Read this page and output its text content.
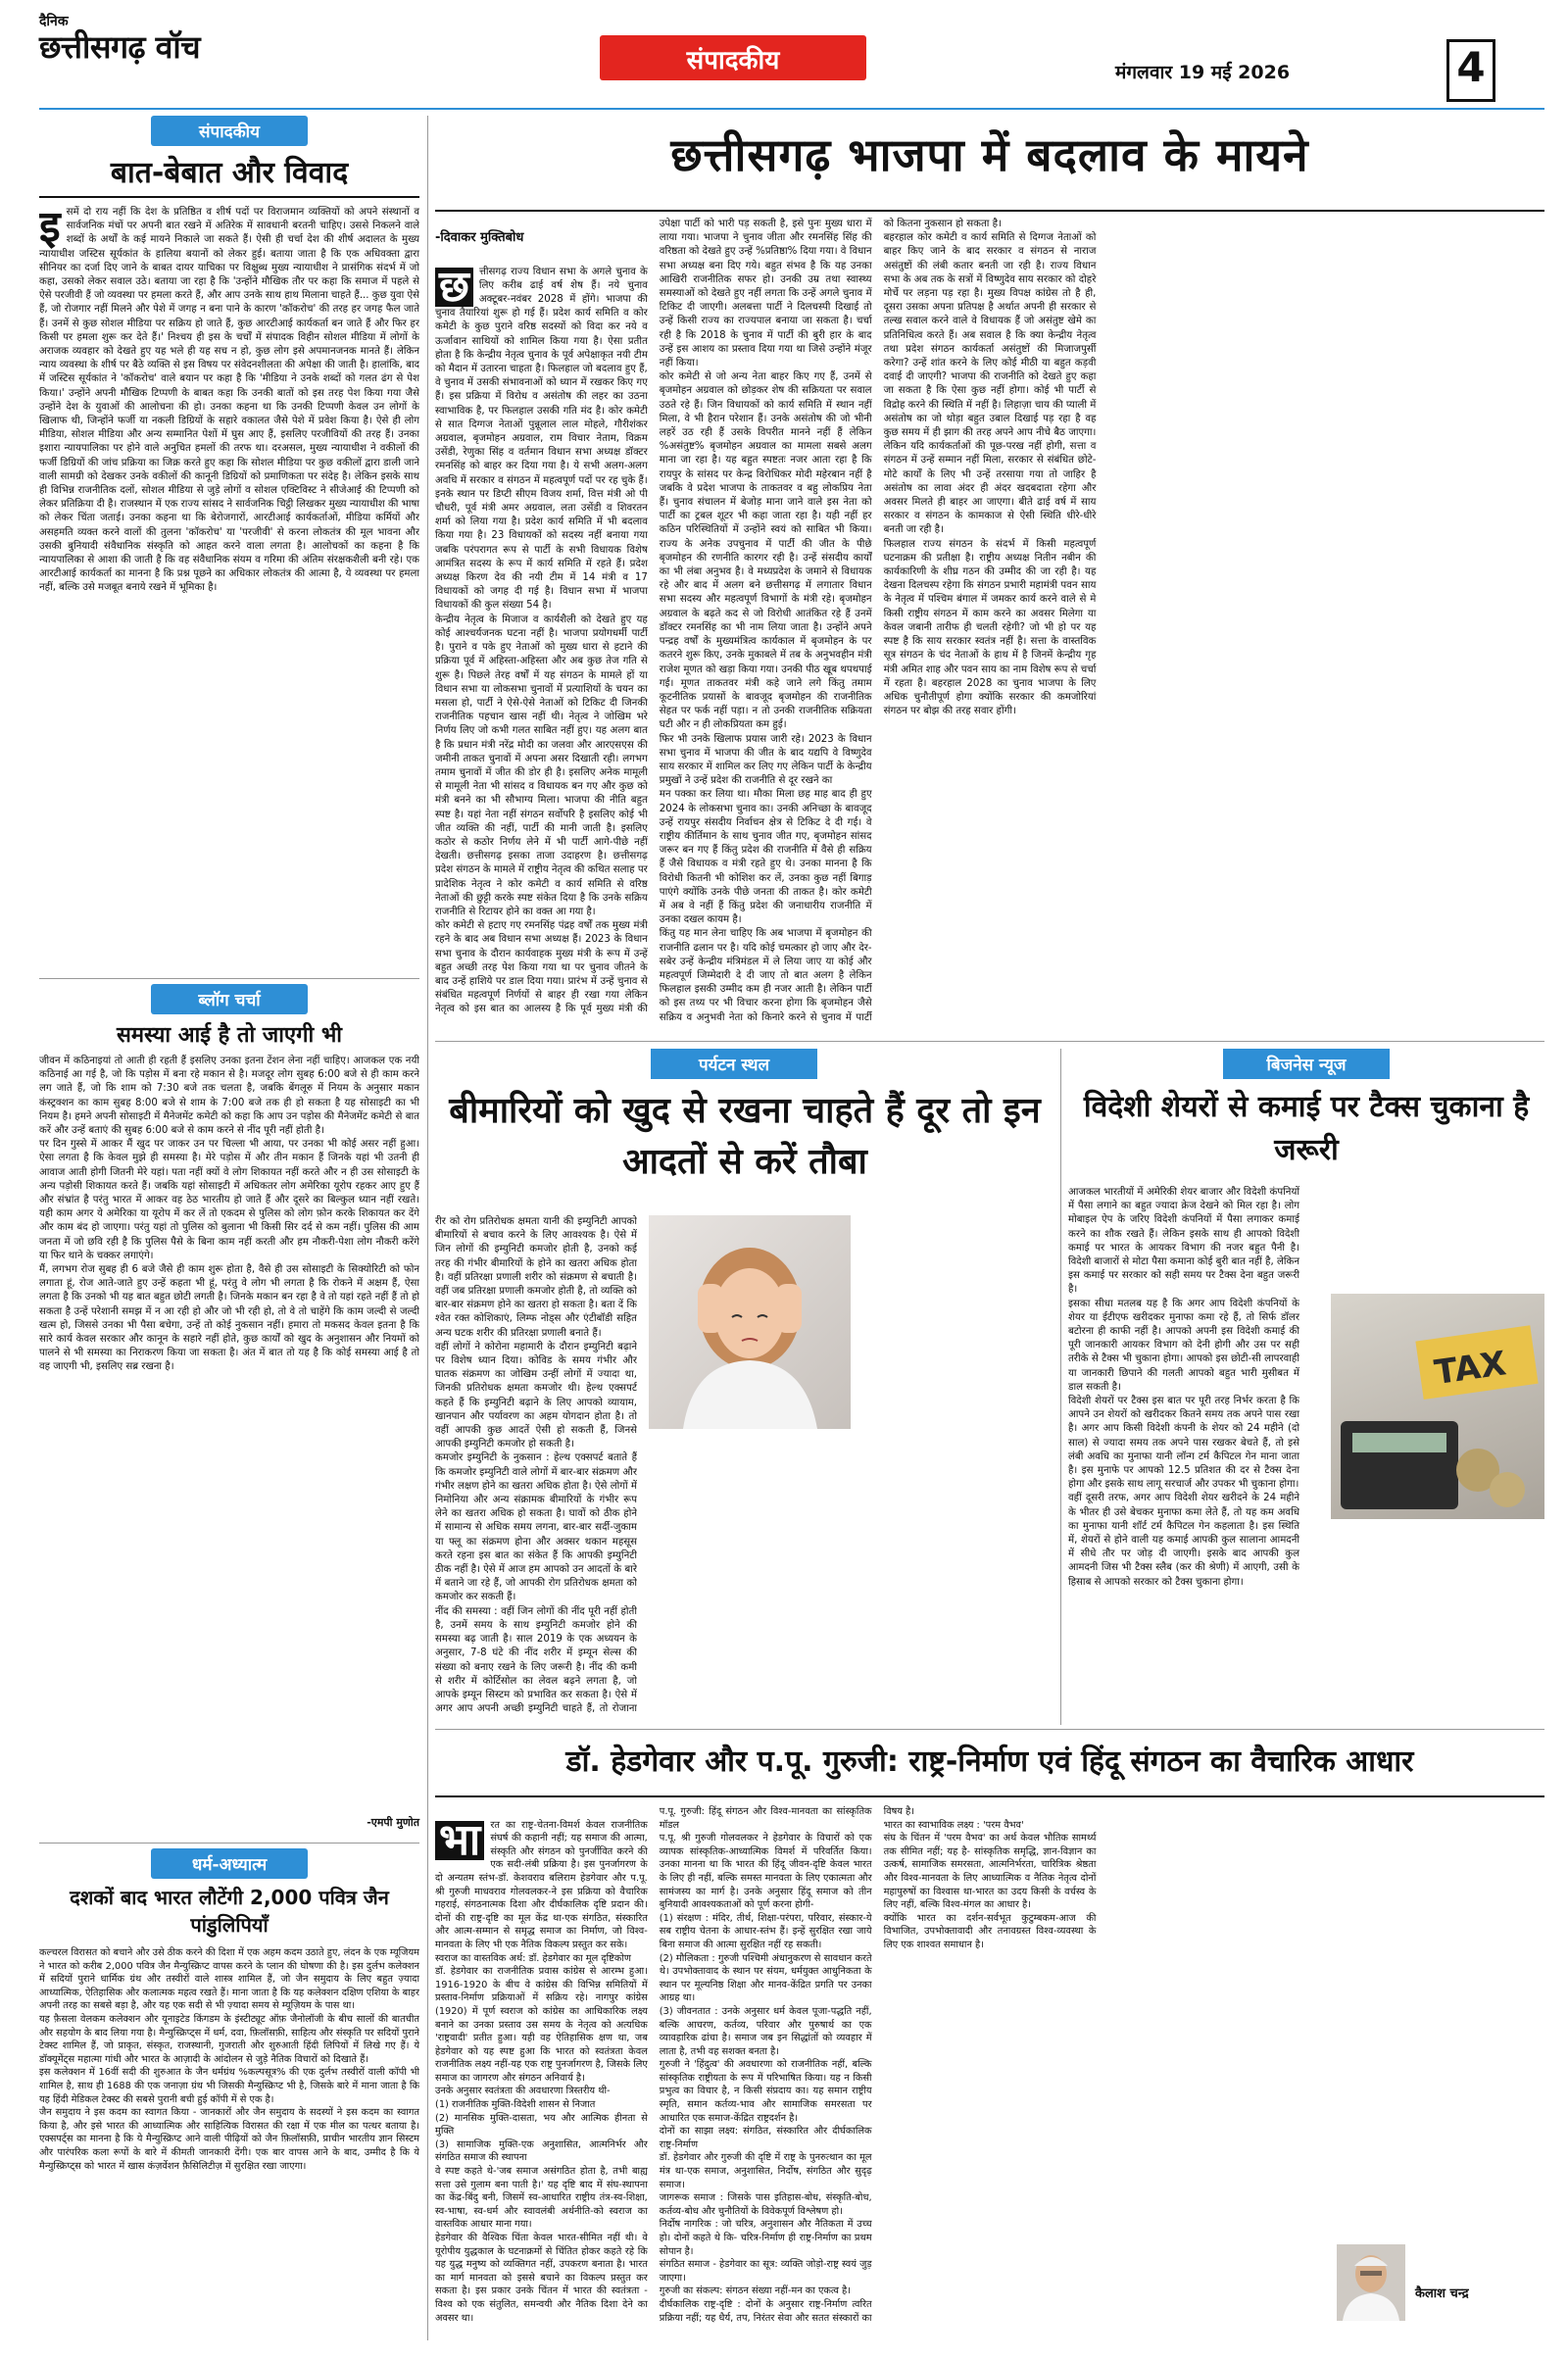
दैनिक
छत्तीसगढ़ वॉच	संपादकीय	मंगलवार 19 मई 2026	4
संपादकीय
बात-बेबात और विवाद
इ समें दो राय नहीं कि देश के प्रतिष्ठित व शीर्ष पदों पर विराजमान व्यक्तियों को अपने संस्थानों व सार्वजनिक मंचों पर अपनी बात रखने में अतिरेक में सावधानी बरतनी चाहिए। उससे निकलने वाले शब्दों के अर्थों के कई मायने निकाले जा सकते हैं। ऐसी ही चर्चा देश की शीर्ष अदालत के मुख्य न्यायाधीश जस्टिस सूर्यकांत के हालिया बयानों को लेकर हुई। बताया जाता है कि एक अधिवक्ता द्वारा सीनियर का दर्जा दिए जाने के बाबत दायर याचिका पर विक्षुब्ध मुख्य न्यायाधीश ने प्रासंगिक संदर्भ में जो कहा, उसको लेकर सवाल उठे। बताया जा रहा है कि 'उन्होंने मौखिक तौर पर कहा कि समाज में पहले से ऐसे परजीवी हैं जो व्यवस्था पर हमला करते हैं, और आप उनके साथ हाथ मिलाना चाहते हैं... कुछ युवा ऐसे हैं, जो रोजगार नहीं मिलने और पेशे में जगह न बना पाने के कारण 'कॉकरोच' की तरह हर जगह फैल जाते हैं। उनमें से कुछ सोशल मीडिया पर सक्रिय हो जाते हैं, कुछ आरटीआई कार्यकर्ता बन जाते हैं और फिर हर किसी पर हमला शुरू कर देते हैं।' निश्चय ही इस के चर्चों में संपादक विहीन सोशल मीडिया में लोगों के अराजक व्यवहार को देखते हुए यह भले ही यह सच न हो, कुछ लोग इसे अपमानजनक मानते हैं। लेकिन न्याय व्यवस्था के शीर्ष पर बैठे व्यक्ति से इस विषय पर संवेदनशीलता की अपेक्षा की जाती है। हालांकि, बाद में जस्टिस सूर्यकांत ने 'कॉकरोच' वाले बयान पर कहा है कि 'मीडिया ने उनके शब्दों को गलत ढंग से पेश किया।' उन्होंने अपनी मौखिक टिप्पणी के बाबत कहा कि उनकी बातों को इस तरह पेश किया गया जैसे उन्होंने देश के युवाओं की आलोचना की हो। उनका कहना था कि उनकी टिप्पणी केवल उन लोगों के खिलाफ थी, जिन्होंने फर्जी या नकली डिग्रियों के सहारे वकालत जैसे पेशे में प्रवेश किया है। ऐसे ही लोग मीडिया, सोशल मीडिया और अन्य सम्मानित पेशों में घुस आए हैं, इसलिए परजीवियों की तरह हैं। उनका इशारा न्यायपालिका पर होने वाले अनुचित हमलों की तरफ था। दरअसल, मुख्य न्यायाधीश ने वकीलों की फर्जी डिग्रियों की जांच प्रक्रिया का जिक्र करते हुए कहा कि सोशल मीडिया पर कुछ वकीलों द्वारा डाली जाने वाली सामग्री को देखकर उनके वकीलों की कानूनी डिग्रियों को प्रमाणिकता पर संदेह है। लेकिन इसके साथ ही विभिन्न राजनीतिक दलों, सोशल मीडिया से जुड़े लोगों व सोशल एक्टिविस्ट ने सीजेआई की टिप्पणी को लेकर प्रतिक्रिया दी है। राजस्थान में एक राज्य सांसद ने सार्वजनिक चिट्ठी लिखकर मुख्य न्यायाधीश की भाषा को लेकर चिंता जताई। उनका कहना था कि बेरोजगारों, आरटीआई कार्यकर्ताओं, मीडिया कर्मियों और असहमति व्यक्त करने वालों की तुलना 'कॉकरोच' या 'परजीवी' से करना लोकतंत्र की मूल भावना और उसकी बुनियादी संवैधानिक संस्कृति को आहत करने वाला लगता है। आलोचकों का कहना है कि न्यायपालिका से आशा की जाती है कि वह संवैधानिक संयम व गरिमा की अंतिम संरक्षकशैली बनी रहे। एक आरटीआई कार्यकर्ता का मानना है कि प्रश्न पूछने का अधिकार लोकतंत्र की आत्मा है, ये व्यवस्था पर हमला नहीं, बल्कि उसे मजबूत बनाये रखने में भूमिका है।
ब्लॉग चर्चा
समस्या आई है तो जाएगी भी
जीवन में कठिनाइयां तो आती ही रहती हैं इसलिए उनका इतना टेंशन लेना नहीं चाहिए। आजकल एक नयी कठिनाई आ गई है, जो कि पड़ोस में बना रहे मकान से है। मजदूर लोग सुबह 6:00 बजे से ही काम करने लग जाते हैं, जो कि शाम को 7:30 बजे तक चलता है, जबकि बेंगलूरु में नियम के अनुसार मकान कंस्ट्रक्शन का काम सुबह 8:00 बजे से शाम के 7:00 बजे तक ही हो सकता है यह सोसाइटी का भी नियम है। हमने अपनी सोसाइटी में मैनेजमेंट कमेटी को कहा कि आप उन पड़ोस की मैनेजमेंट कमेटी से बात करें और उन्हें बताएं की सुबह 6:00 बजे से काम करने से नींद पूरी नहीं होती है।
पर दिन गुस्से में आकर मैं खुद पर जाकर उन पर चिल्ला भी आया, पर उनका भी कोई असर नहीं हुआ। ऐसा लगता है कि केवल मुझे ही समस्या है। मेरे पड़ोस में और तीन मकान हैं जिनके यहां भी उतनी ही आवाज आती होगी जितनी मेरे यहां। पता नहीं क्यों वे लोग शिकायत नहीं करते और न ही उस सोसाइटी के अन्य पड़ोसी शिकायत करते हैं। जबकि यहां सोसाइटी में अधिकतर लोग अमेरिका यूरोप रहकर आए हुए हैं और संभ्रांत है परंतु भारत में आकर वह ठेठ भारतीय हो जाते हैं और दूसरे का बिल्कुल ध्यान नहीं रखते। यही काम अगर ये अमेरिका या यूरोप में कर लें तो एकदम से पुलिस को लोग फ़ोन करके शिकायत कर देंगे और काम बंद हो जाएगा। परंतु यहां तो पुलिस को बुलाना भी किसी सिर दर्द से कम नहीं। पुलिस की आम जनता में जो छवि रही है कि पुलिस पैसे के बिना काम नहीं करती और हम नौकरी-पेशा लोग नौकरी करेंगे या फिर थाने के चक्कर लगाएंगे।
मैं, लगभग रोज सुबह ही 6 बजे जैसे ही काम शुरू होता है, वैसे ही उस सोसाइटी के सिक्योरिटी को फोन लगाता हूं, रोज आते-जाते हुए उन्हें कहता भी हूं, परंतु वे लोग भी लगता है कि रोकने में अक्षम हैं, ऐसा लगता है कि उनको भी यह बात बहुत छोटी लगती है। जिनके मकान बन रहा है वे तो यहां रहते नहीं हैं तो हो सकता है उन्हें परेशानी समझ में न आ रही हो और जो भी रही हो, तो वे तो चाहेंगे कि काम जल्दी से जल्दी खत्म हो, जिससे उनका भी पैसा बचेगा, उन्हें तो कोई नुकसान नहीं। हमारा तो मकसद केवल इतना है कि सारे कार्य केवल सरकार और कानून के सहारे नहीं होते, कुछ कार्यों को खुद के अनुशासन और नियमों को पालने से भी समस्या का निराकरण किया जा सकता है। अंत में बात तो यह है कि कोई समस्या आई है तो वह जाएगी भी, इसलिए सब्र रखना है।
-एमपी मुणोत
धर्म-अध्यात्म
दशकों बाद भारत लौटेंगी 2,000 पवित्र जैन पांडुलिपियाँ
कल्चरल विरासत को बचाने और उसे ठीक करने की दिशा में एक अहम कदम उठाते हुए, लंदन के एक म्यूजियम ने भारत को करीब 2,000 पवित्र जैन मैन्युस्क्रिप्ट वापस करने के प्लान की घोषणा की है। इस दुर्लभ कलेक्शन में सदियों पुराने धार्मिक ग्रंथ और तस्वीरों वाले शास्त्र शामिल हैं, जो जैन समुदाय के लिए बहुत ज़्यादा आध्यात्मिक, ऐतिहासिक और कलात्मक महत्व रखते हैं। माना जाता है कि यह कलेक्शन दक्षिण एशिया के बाहर अपनी तरह का सबसे बड़ा है, और यह एक सदी से भी ज़्यादा समय से म्यूज़ियम के पास था।
यह फ़ैसला वेलकम कलेक्शन और यूनाइटेड किंगडम के इंस्टीट्यूट ऑफ़ जैनोलॉजी के बीच सालों की बातचीत और सहयोग के बाद लिया गया है। मैन्युस्क्रिप्ट्स में धर्म, दवा, फ़िलॉसफ़ी, साहित्य और संस्कृति पर सदियों पुराने टेक्स्ट शामिल हैं, जो प्राकृत, संस्कृत, राजस्थानी, गुजराती और शुरुआती हिंदी लिपियों में लिखे गए हैं। ये डॉक्यूमेंट्स महात्मा गांधी और भारत के आज़ादी के आंदोलन से जुड़े नैतिक विचारों को दिखाते हैं।
इस कलेक्शन में 16वीं सदी की शुरुआत के जैन धर्मग्रंथ %कल्पसूत्र% की एक दुर्लभ तस्वीरों वाली कॉपी भी शामिल है, साथ ही 1688 की एक जनाज़ा ग्रंथ भी जिसकी मैन्युस्क्रिप्ट भी है, जिसके बारे में माना जाता है कि यह हिंदी मेडिकल टेक्स्ट की सबसे पुरानी बची हुई कॉपी में से एक है।
जैन समुदाय ने इस कदम का स्वागत किया - जानकारों और जैन समुदाय के सदस्यों ने इस कदम का स्वागत किया है, और इसे भारत की आध्यात्मिक और साहित्यिक विरासत की रक्षा में एक मील का पत्थर बताया है। एक्सपर्ट्स का मानना है कि ये मैन्युस्क्रिप्ट आने वाली पीढ़ियों को जैन फ़िलॉसफ़ी, प्राचीन भारतीय ज्ञान सिस्टम और पारंपरिक कला रूपों के बारे में कीमती जानकारी देंगी। एक बार वापस आने के बाद, उम्मीद है कि ये मैन्युस्क्रिप्ट्स को भारत में खास कंज़र्वेशन फ़ैसिलिटीज़ में सुरक्षित रखा जाएगा।
छत्तीसगढ़ भाजपा में बदलाव के मायने

-दिवाकर मुक्तिबोध

छ त्तीसगढ़ राज्य विधान सभा के अगले चुनाव के लिए करीब ढाई वर्ष शेष हैं। नये चुनाव अक्टूबर-नवंबर 2028 में होंगे। भाजपा की चुनाव तैयारियां शुरू हो गई हैं। प्रदेश कार्य समिति व कोर कमेटी के कुछ पुराने वरिष्ठ सदस्यों को विदा कर नये व ऊर्जावान साथियों को शामिल किया गया है। ऐसा प्रतीत होता है कि केन्द्रीय नेतृत्व चुनाव के पूर्व अपेक्षाकृत नयी टीम को मैदान में उतारना चाहता है। फिलहाल जो बदलाव हुए हैं, वे चुनाव में उसकी संभावनाओं को ध्यान में रखकर किए गए हैं। इस प्रक्रिया में विरोध व असंतोष की लहर का उठना स्वाभाविक है, पर फिलहाल उसकी गति मंद है। कोर कमेटी से सात दिग्गज नेताओं पुन्नूलाल लाल मोहले, गौरीशंकर अग्रवाल, बृजमोहन अग्रवाल, राम विचार नेताम, विक्रम उसेंडी, रेणुका सिंह व वर्तमान विधान सभा अध्यक्ष डॉक्टर रमनसिंह को बाहर कर दिया गया है। ये सभी अलग-अलग अवधि में सरकार व संगठन में महत्वपूर्ण पदों पर रह चुके हैं। इनके स्थान पर डिप्टी सीएम विजय शर्मा, वित्त मंत्री ओ पी चौधरी, पूर्व मंत्री अमर अग्रवाल, लता उसेंडी व शिवरतन शर्मा को लिया गया है। प्रदेश कार्य समिति में भी बदलाव किया गया है। 23 विधायकों को सदस्य नहीं बनाया गया जबकि परंपरागत रूप से पार्टी के सभी विधायक विशेष आमंत्रित सदस्य के रूप में कार्य समिति में रहते हैं। प्रदेश अध्यक्ष किरण देव की नयी टीम में 14 मंत्री व 17 विधायकों को जगह दी गई है। विधान सभा में भाजपा विधायकों की कुल संख्या 54 है।
केन्द्रीय नेतृत्व के मिजाज व कार्यशैली को देखते हुए यह कोई आश्चर्यजनक घटना नहीं है। भाजपा प्रयोगधर्मी पार्टी है। पुराने व पके हुए नेताओं को मुख्य धारा से हटाने की प्रक्रिया पूर्व में अहिस्ता-अहिस्ता और अब कुछ तेज गति से शुरू है। पिछले तेरह वर्षों में यह संगठन के मामले हों या विधान सभा या लोकसभा चुनावों में प्रत्याशियों के चयन का मसला हो, पार्टी ने ऐसे-ऐसे नेताओं को टिकिट दी जिनकी राजनीतिक पहचान खास नहीं थी। नेतृत्व ने जोखिम भरे निर्णय लिए जो कभी गलत साबित नहीं हुए। यह अलग बात है कि प्रधान मंत्री नरेंद्र मोदी का जलवा और आरएसएस की जमीनी ताकत चुनावों में अपना असर दिखाती रही। लगभग तमाम चुनावों में जीत की डोर ही है। इसलिए अनेक मामूली से मामूली नेता भी सांसद व विधायक बन गए और कुछ को मंत्री बनने का भी सौभाग्य मिला। भाजपा की नीति बहुत स्पष्ट है। यहां नेता नहीं संगठन सर्वोपरि है इसलिए कोई भी जीत व्यक्ति की नहीं, पार्टी की मानी जाती है। इसलिए कठोर से कठोर निर्णय लेने में भी पार्टी आगे-पीछे नहीं देखती। छत्तीसगढ़ इसका ताजा उदाहरण है। छत्तीसगढ़ प्रदेश संगठन के मामले में राष्ट्रीय नेतृत्व की कथित सलाह पर प्रादेशिक नेतृत्व ने कोर कमेटी व कार्य समिति से वरिष्ठ नेताओं की छुट्टी करके स्पष्ट संकेत दिया है कि उनके सक्रिय राजनीति से रिटायर होने का वक्त आ गया है।
कोर कमेटी से हटाए गए रमनसिंह पंद्रह वर्षों तक मुख्य मंत्री रहने के बाद अब विधान सभा अध्यक्ष हैं। 2023 के विधान सभा चुनाव के दौरान कार्यवाहक मुख्य मंत्री के रूप में उन्हें बहुत अच्छी तरह पेश किया गया था पर चुनाव जीतने के बाद उन्हें हाशिये पर डाल दिया गया। प्रारंभ में उन्हें चुनाव से संबंधित महत्वपूर्ण निर्णयों से बाहर ही रखा गया लेकिन नेतृत्व को इस बात का आलस्य है कि पूर्व मुख्य मंत्री की उपेक्षा पार्टी को भारी पड़ सकती है, इसे पुनः मुख्य धारा में लाया गया। भाजपा ने चुनाव जीता और रमनसिंह सिंह की वरिष्ठता को देखते हुए उन्हें %प्रतिष्ठा% दिया गया। वे विधान सभा अध्यक्ष बना दिए गये। बहुत संभव है कि यह उनका आखिरी राजनीतिक सफर हो। उनकी उम्र तथा स्वास्थ्य समस्याओं को देखते हुए नहीं लगता कि उन्हें अगले चुनाव में टिकिट दी जाएगी। अलबत्ता पार्टी ने दिलचस्पी दिखाई तो उन्हें किसी राज्य का राज्यपाल बनाया जा सकता है। चर्चा रही है कि 2018 के चुनाव में पार्टी की बुरी हार के बाद उन्हें इस आशय का प्रस्ताव दिया गया था जिसे उन्होंने मंजूर नहीं किया।
कोर कमेटी से जो अन्य नेता बाहर किए गए हैं, उनमें से बृजमोहन अग्रवाल को छोड़कर शेष की सक्रियता पर सवाल उठते रहे हैं। जिन विधायकों को कार्य समिति में स्थान नहीं मिला, वे भी हैरान परेशान हैं। उनके असंतोष की जो भीनी लहरें उठ रही हैं उसके विपरीत मानने नहीं हैं लेकिन %असंतुष्ट% बृजमोहन अग्रवाल का मामला सबसे अलग माना जा रहा है। यह बहुत स्पष्टतः नजर आता रहा है कि रायपुर के सांसद पर केन्द्र विरोधिकर मोदी महेरबान नहीं है जबकि वे प्रदेश भाजपा के ताकतवर व बहु लोकप्रिय नेता हैं। चुनाव संचालन में बेजोड़ माना जाने वाले इस नेता को पार्टी का ट्रबल शूटर भी कहा जाता रहा है। यही नहीं हर कठिन परिस्थितियों में उन्होंने स्वयं को साबित भी किया। राज्य के अनेक उपचुनाव में पार्टी की जीत के पीछे बृजमोहन की रणनीति कारगर रही है। उन्हें संसदीय कार्यों का भी लंबा अनुभव है। वे मध्यप्रदेश के जमाने से विधायक रहे और बाद में अलग बने छत्तीसगढ़ में लगातार विधान सभा सदस्य और महत्वपूर्ण विभागों के मंत्री रहे। बृजमोहन अग्रवाल के बढ़ते कद से जो विरोधी आतंकित रहे हैं उनमें डॉक्टर रमनसिंह का भी नाम लिया जाता है। उन्होंने अपने पन्द्रह वर्षों के मुख्यमंत्रित्व कार्यकाल में बृजमोहन के पर कतरने शुरू किए, उनके मुकाबले में तब के अनुभवहीन मंत्री राजेश मूणत को खड़ा किया गया। उनकी पीठ खूब थपथपाई गई। मूणत ताकतवर मंत्री कहे जाने लगे किंतु तमाम कूटनीतिक प्रयासों के बावजूद बृजमोहन की राजनीतिक सेहत पर फर्क नहीं पड़ा। न तो उनकी राजनीतिक सक्रियता घटी और न ही लोकप्रियता कम हुई।
फिर भी उनके खिलाफ प्रयास जारी रहे। 2023 के विधान सभा चुनाव में भाजपा की जीत के बाद यद्यपि वे विष्णुदेव साय सरकार में शामिल कर लिए गए लेकिन पार्टी के केन्द्रीय प्रमुखों ने उन्हें प्रदेश की राजनीति से दूर रखने का
मन पक्का कर लिया था। मौका मिला छह माह बाद ही हुए 2024 के लोकसभा चुनाव का। उनकी अनिच्छा के बावजूद उन्हें रायपुर संसदीय निर्वाचन क्षेत्र से टिकिट दे दी गई। वे राष्ट्रीय कीर्तिमान के साथ चुनाव जीत गए, बृजमोहन सांसद जरूर बन गए हैं किंतु प्रदेश की राजनीति में वैसे ही सक्रिय हैं जैसे विधायक व मंत्री रहते हुए थे। उनका मानना है कि विरोधी कितनी भी कोशिश कर लें, उनका कुछ नहीं बिगाड़ पाएंगे क्योंकि उनके पीछे जनता की ताकत है। कोर कमेटी में अब वे नहीं हैं किंतु प्रदेश की जनाधारीय राजनीति में उनका दखल कायम है।
किंतु यह मान लेना चाहिए कि अब भाजपा में बृजमोहन की राजनीति ढलान पर है। यदि कोई चमत्कार हो जाए और देर-सबेर उन्हें केन्द्रीय मंत्रिमंडल में ले लिया जाए या कोई और महत्वपूर्ण जिम्मेदारी दे दी जाए तो बात अलग है लेकिन फिलहाल इसकी उम्मीद कम ही नजर आती है। लेकिन पार्टी को इस तथ्य पर भी विचार करना होगा कि बृजमोहन जैसे सक्रिय व अनुभवी नेता को किनारे करने से चुनाव में पार्टी को कितना नुकसान हो सकता है।
बहरहाल कोर कमेटी व कार्य समिति से दिग्गज नेताओं को बाहर किए जाने के बाद सरकार व संगठन से नाराज असंतुष्टों की लंबी कतार बनती जा रही है। राज्य विधान सभा के अब तक के सत्रों में विष्णुदेव साय सरकार को दोहरे मोर्चे पर लड़ना पड़ रहा है। मुख्य विपक्ष कांग्रेस तो है ही, दूसरा उसका अपना प्रतिपक्ष है अर्थात अपनी ही सरकार से तल्ख सवाल करने वाले वे विधायक हैं जो असंतुष्ट खेमे का प्रतिनिधित्व करते हैं। अब सवाल है कि क्या केन्द्रीय नेतृत्व तथा प्रदेश संगठन कार्यकर्ता असंतुष्टों की मिजाजपुर्सी करेगा? उन्हें शांत करने के लिए कोई मीठी या बहुत कड़वी दवाई दी जाएगी? भाजपा की राजनीति को देखते हुए कहा जा सकता है कि ऐसा कुछ नहीं होगा। कोई भी पार्टी से विद्रोह करने की स्थिति में नहीं है। लिहाज़ा चाय की प्याली में असंतोष का जो थोड़ा बहुत उबाल दिखाई पड़ रहा है वह कुछ समय में ही झाग की तरह अपने आप नीचे बैठ जाएगा। लेकिन यदि कार्यकर्ताओं की पूछ-परख नहीं होगी, सत्ता व संगठन में उन्हें सम्मान नहीं मिला, सरकार से संबंधित छोटे-मोटे कार्यों के लिए भी उन्हें तरसाया गया तो जाहिर है असंतोष का लावा अंदर ही अंदर खदबदाता रहेगा और अवसर मिलते ही बाहर आ जाएगा। बीते ढाई वर्ष में साय सरकार व संगठन के कामकाज से ऐसी स्थिति धीरे-धीरे बनती जा रही है।
फिलहाल राज्य संगठन के संदर्भ में किसी महत्वपूर्ण घटनाक्रम की प्रतीक्षा है। राष्ट्रीय अध्यक्ष नितीन नबीन की कार्यकारिणी के शीघ्र गठन की उम्मीद की जा रही है। यह देखना दिलचस्प रहेगा कि संगठन प्रभारी महामंत्री पवन साय के नेतृत्व में पश्चिम बंगाल में जमकर कार्य करने वाले से मे किसी राष्ट्रीय संगठन में काम करने का अवसर मिलेगा या केवल जबानी तारीफ ही चलती रहेगी? जो भी हो पर यह स्पष्ट है कि साय सरकार स्वतंत्र नहीं है। सत्ता के वास्तविक सूत्र संगठन के चंद नेताओं के हाथ में है जिनमें केन्द्रीय गृह मंत्री अमित शाह और पवन साय का नाम विशेष रूप से चर्चा में रहता है। बहरहाल 2028 का चुनाव भाजपा के लिए अधिक चुनौतीपूर्ण होगा क्योंकि सरकार की कमजोरियां संगठन पर बोझ की तरह सवार होंगी।

पर्यटन स्थल
बीमारियों को खुद से रखना चाहते हैं दूर तो इन आदतों से करें तौबा
रीर को रोग प्रतिरोधक क्षमता यानी की इम्युनिटी आपको बीमारियों से बचाव करने के लिए आवश्यक है। ऐसे में जिन लोगों की इम्युनिटी कमजोर होती है, उनको कई तरह की गंभीर बीमारियों के होने का खतरा अधिक होता है। वहीं प्रतिरक्षा प्रणाली शरीर को संक्रमण से बचाती है। वहीं जब प्रतिरक्षा प्रणाली कमजोर होती है, तो व्यक्ति को बार-बार संक्रमण होने का खतरा हो सकता है। बता दें कि श्वेत रक्त कोशिकाएं, लिम्फ नोड्स और एंटीबॉडी सहित अन्य घटक शरीर की प्रतिरक्षा प्रणाली बनाते हैं।
वहीं लोगों ने कोरोना महामारी के दौरान इम्युनिटी बढ़ाने पर विशेष ध्यान दिया। कोविड के समय गंभीर और घातक संक्रमण का जोखिम उन्हीं लोगों में ज्यादा था, जिनकी प्रतिरोधक क्षमता कमजोर थी। हेल्थ एक्सपर्ट कहते हैं कि इम्युनिटी बढ़ाने के लिए आपको व्यायाम, खानपान और पर्यावरण का अहम योगदान होता है। तो वहीं आपकी कुछ आदतें ऐसी हो सकती हैं, जिनसे आपकी इम्युनिटी कमजोर हो सकती है।
कमजोर इम्युनिटी के नुकसान : हेल्थ एक्सपर्ट बताते हैं कि कमजोर इम्युनिटी वाले लोगों में बार-बार संक्रमण और गंभीर लक्षण होने का खतरा अधिक होता है। ऐसे लोगों में निमोनिया और अन्य संक्रामक बीमारियों के गंभीर रूप लेने का खतरा अधिक हो सकता है। घावों को ठीक होने में सामान्य से अधिक समय लगना, बार-बार सर्दी-जुकाम या फ्लू का संक्रमण होना और अक्सर थकान महसूस करते रहना इस बात का संकेत हैं कि आपकी इम्युनिटी ठीक नहीं है। ऐसे में आज हम आपको उन आदतों के बारे में बताने जा रहे हैं, जो आपकी रोग प्रतिरोधक क्षमता को कमजोर कर सकती हैं।
नींद की समस्या : वहीं जिन लोगों की नींद पूरी नहीं होती है, उनमें समय के साथ इम्युनिटी कमजोर होने की समस्या बढ़ जाती है। साल 2019 के एक अध्ययन के अनुसार, 7-8 घंटे की नींद शरीर में इम्यून सेल्स की संख्या को बनाए रखने के लिए जरूरी है। नींद की कमी से शरीर में कोर्टिसोल का लेवल बढ़ने लगता है, जो आपके इम्यून सिस्टम को प्रभावित कर सकता है। ऐसे में अगर आप अपनी अच्छी इम्युनिटी चाहते हैं, तो रोजाना

बिजनेस न्यूज
विदेशी शेयरों से कमाई पर टैक्स चुकाना है जरूरी
TAX
आजकल भारतीयों में अमेरिकी शेयर बाजार और विदेशी कंपनियों में पैसा लगाने का बहुत ज्यादा क्रेज देखने को मिल रहा है। लोग मोबाइल ऐप के जरिए विदेशी कंपनियों में पैसा लगाकर कमाई करने का शौक रखते हैं। लेकिन इसके साथ ही आपको विदेशी कमाई पर भारत के आयकर विभाग की नजर बहुत पैनी है। विदेशी बाजारों से मोटा पैसा कमाना कोई बुरी बात नहीं है, लेकिन इस कमाई पर सरकार को सही समय पर टैक्स देना बहुत जरूरी है।
इसका सीधा मतलब यह है कि अगर आप विदेशी कंपनियों के शेयर या ईटीएफ खरीदकर मुनाफा कमा रहे हैं, तो सिर्फ डॉलर बटोरना ही काफी नहीं है। आपको अपनी इस विदेशी कमाई की पूरी जानकारी आयकर विभाग को देनी होगी और उस पर सही तरीके से टैक्स भी चुकाना होगा। आपको इस छोटी-सी लापरवाही या जानकारी छिपाने की गलती आपको बहुत भारी मुसीबत में डाल सकती है।
विदेशी शेयरों पर टैक्स इस बात पर पूरी तरह निर्भर करता है कि आपने उन शेयरों को खरीदकर कितने समय तक अपने पास रखा है। अगर आप किसी विदेशी कंपनी के शेयर को 24 महीने (दो साल) से ज्यादा समय तक अपने पास रखकर बेचते हैं, तो इसे लंबी अवधि का मुनाफा यानी लॉन्ग टर्म कैपिटल गेन माना जाता है। इस मुनाफे पर आपको 12.5 प्रतिशत की दर से टैक्स देना होगा और इसके साथ लागू सरचार्ज और उपकर भी चुकाना होगा।
वहीं दूसरी तरफ, अगर आप विदेशी शेयर खरीदने के 24 महीने के भीतर ही उसे बेचकर मुनाफा कमा लेते हैं, तो यह कम अवधि का मुनाफा यानी शॉर्ट टर्म कैपिटल गेन कहलाता है। इस स्थिति में, शेयरों से होने वाली यह कमाई आपकी कुल सालाना आमदनी में सीधे तौर पर जोड़ दी जाएगी। इसके बाद आपकी कुल आमदनी जिस भी टैक्स स्लैब (कर की श्रेणी) में आएगी, उसी के हिसाब से आपको सरकार को टैक्स चुकाना होगा।
डॉ. हेडगेवार और प.पू. गुरुजी: राष्ट्र-निर्माण एवं हिंदू संगठन का वैचारिक आधार

भा	रत का राष्ट्र-चेतना-विमर्श केवल राजनीतिक संघर्ष की कहानी नहीं; यह समाज की आत्मा, संस्कृति और संगठन को पुनर्जीवित करने की एक सदी-लंबी प्रक्रिया है। इस पुनर्जागरण के दो अन्यतम स्तंभ-डॉ. केशवराव बलिराम हेडगेवार और प.पू. श्री गुरुजी माधवराव गोलवलकर-ने इस प्रक्रिया को वैचारिक गहराई, संगठनात्मक दिशा और दीर्घकालिक दृष्टि प्रदान की। दोनों की राष्ट्र-दृष्टि का मूल केंद्र था-एक संगठित, संस्कारित और आत्म-सम्मान से समृद्ध समाज का निर्माण, जो विश्व-मानवता के लिए भी एक नैतिक विकल्प प्रस्तुत कर सके।
स्वराज का वास्तविक अर्थ: डॉ. हेडगेवार का मूल दृष्टिकोण
डॉ. हेडगेवार का राजनीतिक प्रवास कांग्रेस से आरम्भ हुआ। 1916-1920 के बीच वे कांग्रेस की विभिन्न समितियों में प्रस्ताव-निर्माण प्रक्रियाओं में सक्रिय रहे। नागपुर कांग्रेस (1920) में पूर्ण स्वराज को कांग्रेस का आधिकारिक लक्ष्य बनाने का उनका प्रस्ताव उस समय के नेतृत्व को अत्यधिक 'राष्ट्रवादी' प्रतीत हुआ। यही वह ऐतिहासिक क्षण था, जब हेडगेवार को यह स्पष्ट हुआ कि भारत को स्वतंत्रता केवल राजनीतिक लक्ष्य नहीं-यह एक राष्ट्र पुनर्जागरण है, जिसके लिए समाज का जागरण और संगठन अनिवार्य है।
उनके अनुसार स्वतंत्रता की अवधारणा त्रिस्तरीय थी-
(1) राजनीतिक मुक्ति-विदेशी शासन से निजात
(2) मानसिक मुक्ति-दासता, भय और आत्मिक हीनता से मुक्ति
(3) सामाजिक मुक्ति-एक अनुशासित, आत्मनिर्भर और संगठित समाज की स्थापना
वे स्पष्ट कहते थे-'जब समाज असंगठित होता है, तभी बाह्य सत्ता उसे गुलाम बना पाती है।' यह दृष्टि बाद में संघ-स्थापना का केंद्र-बिंदु बनी, जिसमें स्व-आधारित राष्ट्रीय तंत्र-स्व-शिक्षा, स्व-भाषा, स्व-धर्म और स्वावलंबी अर्थनीति-को स्वराज का वास्तविक आधार माना गया।
हेडगेवार की वैश्विक चिंता केवल भारत-सीमित नहीं थी। वे यूरोपीय युद्धकाल के घटनाक्रमों से चिंतित होकर कहते रहे कि यह युद्ध मनुष्य को व्यक्तिगत नहीं, उपकरण बनाता है। भारत का मार्ग मानवता को इससे बचाने का विकल्प प्रस्तुत कर सकता है। इस प्रकार उनके चिंतन में भारत की स्वतंत्रता - विश्व को एक संतुलित, समन्वयी और नैतिक दिशा देने का अवसर था।
प.पू. गुरुजी: हिंदू संगठन और विश्व-मानवता का सांस्कृतिक मॉडल
प.पू. श्री गुरुजी गोलवलकर ने हेडगेवार के विचारों को एक व्यापक सांस्कृतिक-आध्यात्मिक विमर्श में परिवर्तित किया। उनका मानना था कि भारत की हिंदू जीवन-दृष्टि केवल भारत के लिए ही नहीं, बल्कि समस्त मानवता के लिए एकात्मता और सामंजस्य का मार्ग है। उनके अनुसार हिंदू समाज को तीन बुनियादी आवश्यकताओं को पूर्ण करना होगी-
(1) संरक्षण : मंदिर, तीर्थ, शिक्षा-परंपरा, परिवार, संस्कार-ये सब राष्ट्रीय चेतना के आधार-स्तंभ हैं। इन्हें सुरक्षित रखा जाये बिना समाज की आत्मा सुरक्षित नहीं रह सकती।
(2) मौलिकता : गुरुजी पश्चिमी अंधानुकरण से सावधान करते थे। उपभोक्तावाद के स्थान पर संयम, धर्मयुक्त आधुनिकता के स्थान पर मूल्यनिष्ठ शिक्षा और मानव-केंद्रित प्रगति पर उनका आग्रह था।
(3) जीवनतात : उनके अनुसार धर्म केवल पूजा-पद्धति नहीं, बल्कि आचरण, कर्तव्य, परिवार और पुरुषार्थ का एक व्यावहारिक ढांचा है। समाज जब इन सिद्धांतों को व्यवहार में लाता है, तभी वह सशक्त बनता है।
गुरुजी ने 'हिंदुत्व' की अवधारणा को राजनीतिक नहीं, बल्कि सांस्कृतिक राष्ट्रीयता के रूप में परिभाषित किया। यह न किसी प्रभुत्व का विचार है, न किसी संप्रदाय का। यह समान राष्ट्रीय स्मृति, समान कर्तव्य-भाव और सामाजिक समरसता पर आधारित एक समाज-केंद्रित राष्ट्रदर्शन है।
दोनों का साझा लक्ष्य: संगठित, संस्कारित और दीर्घकालिक राष्ट्र-निर्माण
डॉ. हेडगेवार और गुरुजी की दृष्टि में राष्ट्र के पुनरुत्थान का मूल मंत्र था-एक समाज, अनुशासित, निर्दोष, संगठित और सुदृढ़ समाज।
जागरूक समाज : जिसके पास इतिहास-बोध, संस्कृति-बोध, कर्तव्य-बोध और चुनौतियों के विवेकपूर्ण विश्लेषण हो।
निर्दोष नागरिक : जो चरित्र, अनुशासन और नैतिकता में उच्च हो। दोनों कहते थे कि- चरित्र-निर्माण ही राष्ट्र-निर्माण का प्रथम सोपान है।
संगठित समाज - हेडगेवार का सूत्र: व्यक्ति जोड़ो-राष्ट्र स्वयं जुड़ जाएगा।
गुरुजी का संकल्प: संगठन संख्या नहीं-मन का एकत्व है।
दीर्घकालिक राष्ट्र-दृष्टि : दोनों के अनुसार राष्ट्र-निर्माण त्वरित प्रक्रिया नहीं; यह धैर्य, तप, निरंतर सेवा और सतत संस्कारों का विषय है।
भारत का स्वाभाविक लक्ष्य : 'परम वैभव'
संघ के चिंतन में 'परम वैभव' का अर्थ केवल भौतिक सामर्थ्य तक सीमित नहीं; यह है- सांस्कृतिक समृद्धि, ज्ञान-विज्ञान का उत्कर्ष, सामाजिक समरसता, आत्मनिर्भरता, चारित्रिक श्रेष्ठता और विश्व-मानवता के लिए आध्यात्मिक व नैतिक नेतृत्व दोनों महापुरुषों का विश्वास था-भारत का उदय किसी के वर्चस्व के लिए नहीं, बल्कि विश्व-मंगल का आधार है।
क्योंकि भारत का दर्शन-सर्वभूत कुटुम्बकम-आज की विभाजित, उपभोक्तावादी और तनावग्रस्त विश्व-व्यवस्था के लिए एक शाश्वत समाधान है।

कैलाश चन्द्र
